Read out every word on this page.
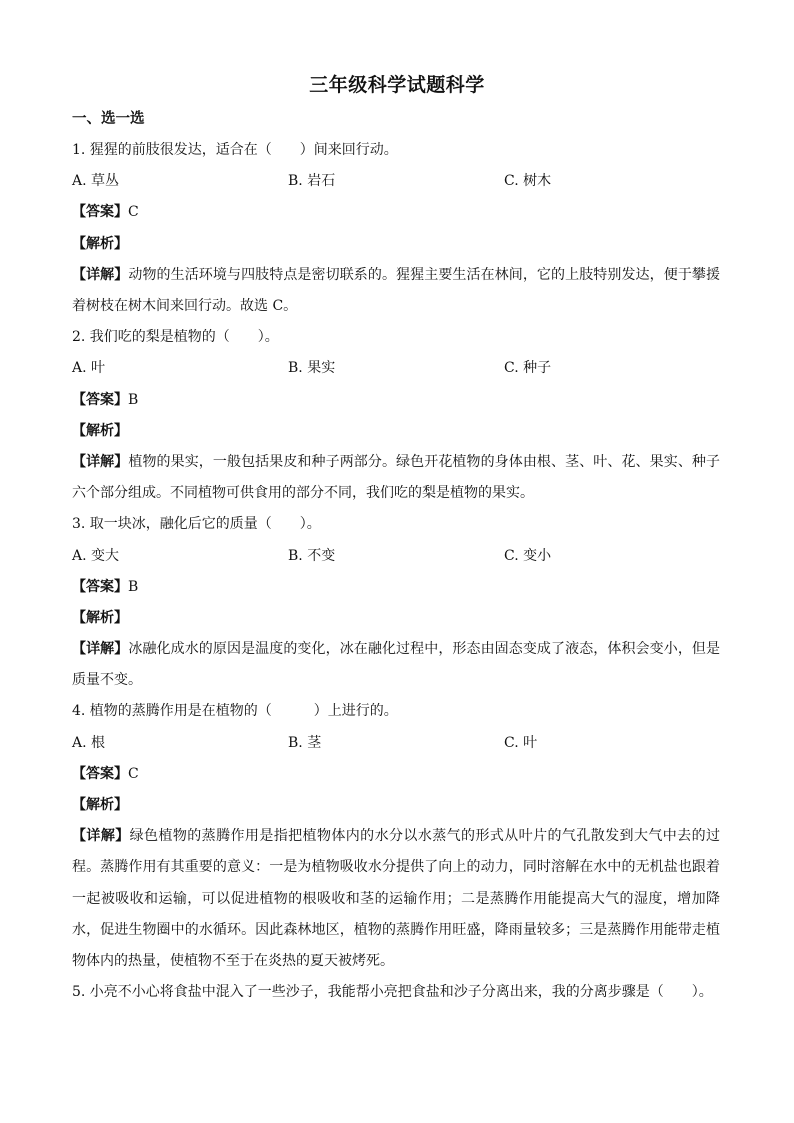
三年级科学试题科学
一、选一选
1. 猩猩的前肢很发达，适合在（　　）间来回行动。
A. 草丛	B. 岩石	C. 树木
【答案】C
【解析】
【详解】动物的生活环境与四肢特点是密切联系的。猩猩主要生活在林间，它的上肢特别发达，便于攀援着树枝在树木间来回行动。故选 C。
2. 我们吃的梨是植物的（　　）。
A. 叶	B. 果实	C. 种子
【答案】B
【解析】
【详解】植物的果实，一般包括果皮和种子两部分。绿色开花植物的身体由根、茎、叶、花、果实、种子六个部分组成。不同植物可供食用的部分不同，我们吃的梨是植物的果实。
3. 取一块冰，融化后它的质量（　　）。
A. 变大	B. 不变	C. 变小
【答案】B
【解析】
【详解】冰融化成水的原因是温度的变化，冰在融化过程中，形态由固态变成了液态，体积会变小，但是质量不变。
4. 植物的蒸腾作用是在植物的（　　　）上进行的。
A. 根	B. 茎	C. 叶
【答案】C
【解析】
【详解】绿色植物的蒸腾作用是指把植物体内的水分以水蒸气的形式从叶片的气孔散发到大气中去的过程。蒸腾作用有其重要的意义：一是为植物吸收水分提供了向上的动力，同时溶解在水中的无机盐也跟着一起被吸收和运输，可以促进植物的根吸收和茎的运输作用；二是蒸腾作用能提高大气的湿度，增加降水，促进生物圈中的水循环。因此森林地区，植物的蒸腾作用旺盛，降雨量较多；三是蒸腾作用能带走植物体内的热量，使植物不至于在炎热的夏天被烤死。
5. 小亮不小心将食盐中混入了一些沙子，我能帮小亮把食盐和沙子分离出来，我的分离步骤是（　　）。
